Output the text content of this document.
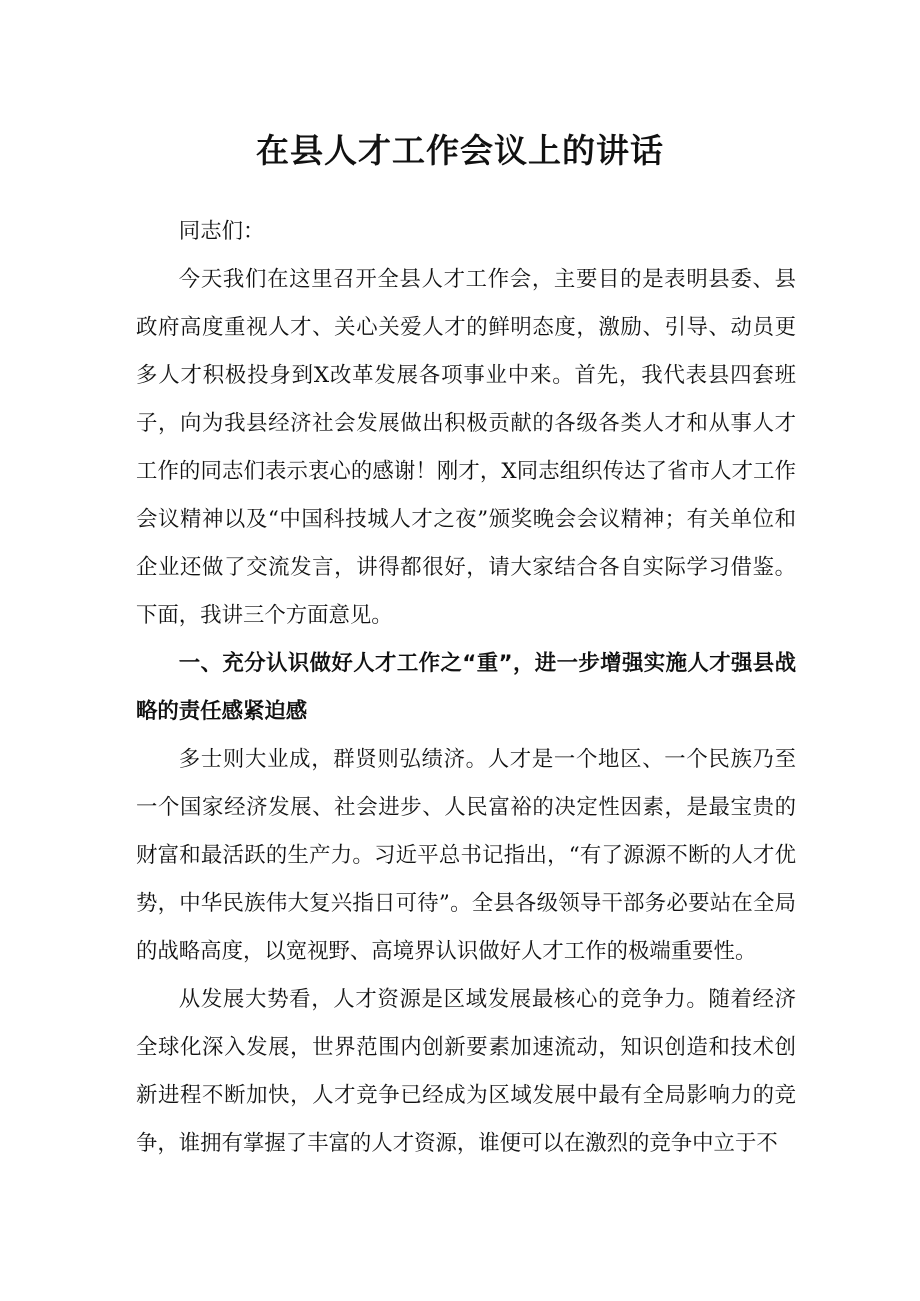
在县人才工作会议上的讲话

同志们：

今天我们在这里召开全县人才工作会，主要目的是表明县委、县政府高度重视人才、关心关爱人才的鲜明态度，激励、引导、动员更多人才积极投身到X改革发展各项事业中来。首先，我代表县四套班子，向为我县经济社会发展做出积极贡献的各级各类人才和从事人才工作的同志们表示衷心的感谢！刚才，X同志组织传达了省市人才工作会议精神以及“中国科技城人才之夜”颁奖晚会会议精神；有关单位和企业还做了交流发言，讲得都很好，请大家结合各自实际学习借鉴。下面，我讲三个方面意见。

一、充分认识做好人才工作之“重”，进一步增强实施人才强县战略的责任感紧迫感

多士则大业成，群贤则弘绩济。人才是一个地区、一个民族乃至一个国家经济发展、社会进步、人民富裕的决定性因素，是最宝贵的财富和最活跃的生产力。习近平总书记指出，“有了源源不断的人才优势，中华民族伟大复兴指日可待”。全县各级领导干部务必要站在全局的战略高度，以宽视野、高境界认识做好人才工作的极端重要性。

从发展大势看，人才资源是区域发展最核心的竞争力。随着经济全球化深入发展，世界范围内创新要素加速流动，知识创造和技术创新进程不断加快，人才竞争已经成为区域发展中最有全局影响力的竞争，谁拥有掌握了丰富的人才资源，谁便可以在激烈的竞争中立于不
